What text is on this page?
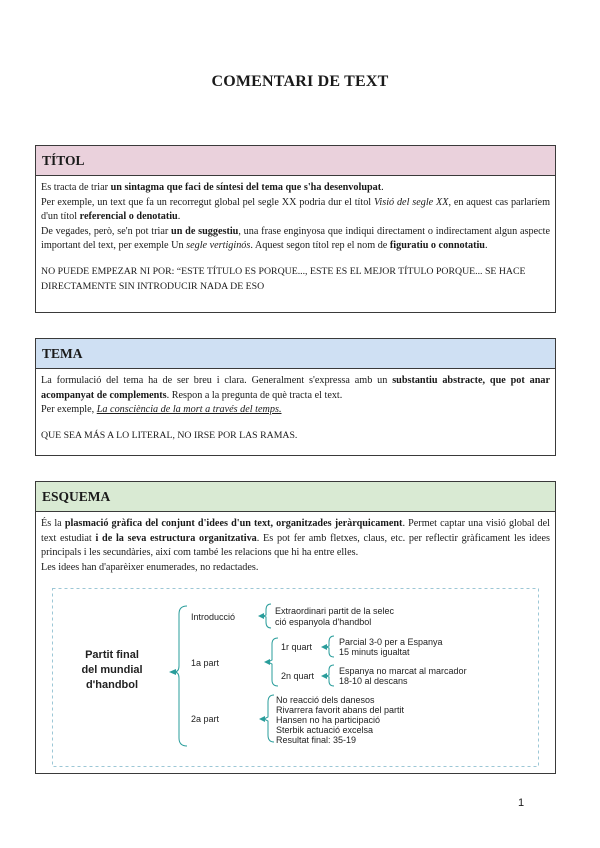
COMENTARI DE TEXT
TÍTOL

Es tracta de triar un sintagma que faci de síntesi del tema que s'ha desenvolupat.

Per exemple, un text que fa un recorregut global pel segle XX podria dur el títol Visió del segle XX, en aquest cas parlaríem d'un títol referencial o denotatiu.

De vegades, però, se'n pot triar un de suggestiu, una frase enginyosa que indiqui directament o indirectament algun aspecte important del text, per exemple Un segle vertiginós. Aquest segon títol rep el nom de figuratiu o connotatiu.

NO PUEDE EMPEZAR NI POR: “ESTE TÍTULO ES PORQUE..., ESTE ES EL MEJOR TÍTULO PORQUE... SE HACE DIRECTAMENTE SIN INTRODUCIR NADA DE ESO

TEMA

La formulació del tema ha de ser breu i clara. Generalment s'expressa amb un substantiu abstracte, que pot anar acompanyat de complements. Respon a la pregunta de què tracta el text.

Per exemple, La consciència de la mort a través del temps.

QUE SEA MÁS A LO LITERAL, NO IRSE POR LAS RAMAS.

ESQUEMA

És la plasmació gràfica del conjunt d'idees d'un text, organitzades jeràrquicament. Permet captar una visió global del text estudiat i de la seva estructura organitzativa. Es pot fer amb fletxes, claus, etc. per reflectir gràficament les idees principals i les secundàries, així com també les relacions que hi ha entre elles.

Les idees han d'aparèixer enumerades, no redactades.

Partit final
del mundial
d'handbol
Introducció
Extraordinari partit de la selec
ció espanyola d'handbol
1a part
1r quart	Parcial 3-0 per a Espanya
15 minuts igualtat
2n quart	Espanya no marcat al marcador
18-10 al descans
2a part
No reacció dels danesos
Rivarrera favorit abans del partit
Hansen no ha participació
Sterbik actuació excelsa
Resultat final: 35-19
1
